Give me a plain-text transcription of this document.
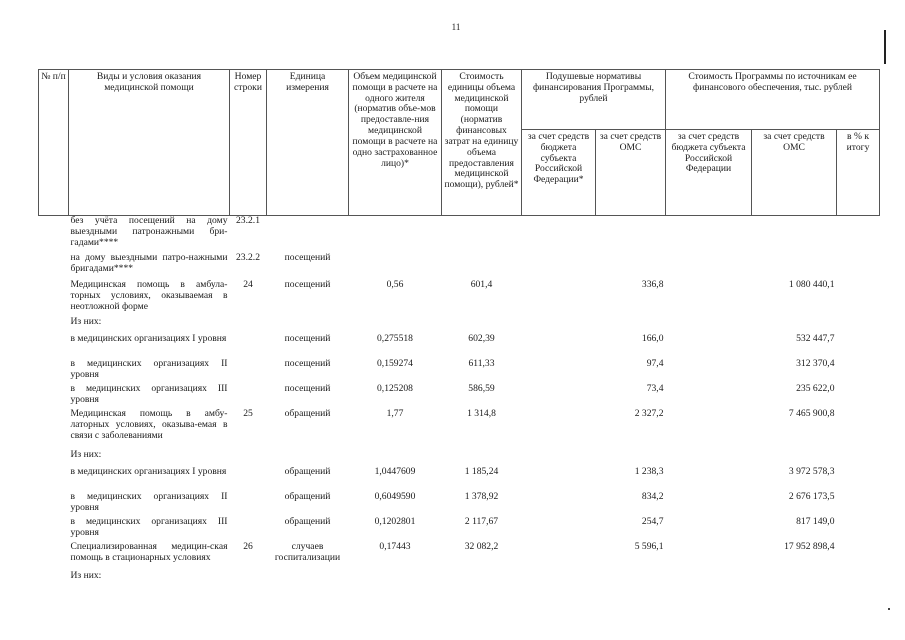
11
№ п/п	Виды и условия оказания медицинской помощи	Номер строки	Единица измерения	Объем медицинской помощи в расчете на одного жителя (норматив объе-мов предоставле-ния медицинской помощи в расчете на одно застрахованное лицо)*	Стоимость единицы объема медицинской помощи (норматив финансовых затрат на единицу объема предоставления медицинской помощи), рублей*	Подушевые нормативы финансирования Программы, рублей		Стоимость Программы по источникам ее финансового обеспечения, тыс. рублей		
						за счет средств бюджета субъекта Российской Федерации*	за счет средств ОМС	за счет средств бюджета субъекта Российской Федерации	за счет средств ОМС	в % к итогу
	без учёта посещений на дому выездными патронажными бри-гадами****	23.2.1								
	на дому выездными патро-нажными бригадами****	23.2.2	посещений							
	Медицинская помощь в амбула-торных условиях, оказываемая в неотложной форме	24	посещений	0,56	601,4	336,8		1 080 440,1		
	Из них:									
	в медицинских организациях I уровня		посещений	0,275518	602,39	166,0		532 447,7		
	в медицинских организациях II уровня		посещений	0,159274	611,33	97,4		312 370,4		
	в медицинских организациях III уровня		посещений	0,125208	586,59	73,4		235 622,0		
	Медицинская помощь в амбу-латорных условиях, оказыва-емая в связи с заболеваниями	25	обращений	1,77	1 314,8	2 327,2		7 465 900,8		
	Из них:									
	в медицинских организациях I уровня		обращений	1,0447609	1 185,24	1 238,3		3 972 578,3		
	в медицинских организациях II уровня		обращений	0,6049590	1 378,92	834,2		2 676 173,5		
	в медицинских организациях III уровня		обращений	0,1202801	2 117,67	254,7		817 149,0		
	Специализированная медицин-ская помощь в стационарных условиях	26	случаев госпитализации	0,17443	32 082,2	5 596,1		17 952 898,4		
	Из них:									
